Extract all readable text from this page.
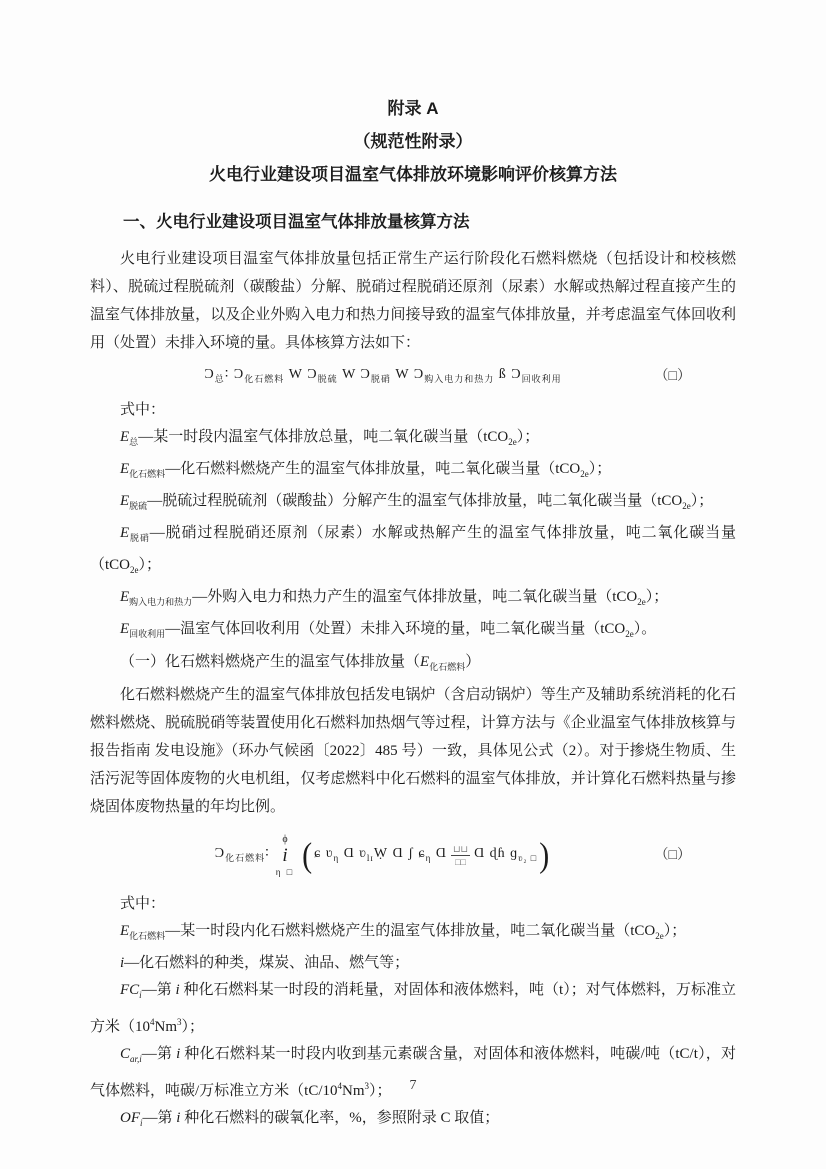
附录 A

（规范性附录）

火电行业建设项目温室气体排放环境影响评价核算方法

一、火电行业建设项目温室气体排放量核算方法

火电行业建设项目温室气体排放量包括正常生产运行阶段化石燃料燃烧（包括设计和校核燃料）、脱硫过程脱硫剂（碳酸盐）分解、脱硝过程脱硝还原剂（尿素）水解或热解过程直接产生的温室气体排放量，以及企业外购入电力和热力间接导致的温室气体排放量，并考虑温室气体回收利用（处置）未排入环境的量。具体核算方法如下：

$Ɔ_总∶$ $Ɔ_{化石燃料}$ W $Ɔ_{脱硫}$ W $Ɔ_{脱硝}$ W $Ɔ_{购入电力和热力}$ ß $Ɔ_{回收利用}$	（□）

式中：

$E_总—$某一时段内温室气体排放总量，吨二氧化碳当量（tCO$_{2e}$）；

$E_{化石燃料}—$化石燃料燃烧产生的温室气体排放量，吨二氧化碳当量（tCO$_{2e}$）；

$E_{脱硫}—$脱硫过程脱硫剂（碳酸盐）分解产生的温室气体排放量，吨二氧化碳当量（tCO$_{2e}$）；

$E_{脱硝}—$脱硝过程脱硝还原剂（尿素）水解或热解产生的温室气体排放量，吨二氧化碳当量（tCO$_{2e}$）；

$E_{购入电力和热力}—$外购入电力和热力产生的温室气体排放量，吨二氧化碳当量（tCO$_{2e}$）；

$E_{回收利用}—$温室气体回收利用（处置）未排入环境的量，吨二氧化碳当量（tCO$_{2e}$）。

（一）化石燃料燃烧产生的温室气体排放量$(E_{化石燃料})$

化石燃料燃烧产生的温室气体排放包括发电锅炉（含启动锅炉）等生产及辅助系统消耗的化石燃料燃烧、脱硫脱硝等装置使用化石燃料加热烟气等过程，计算方法与《企业温室气体排放核算与报告指南 发电设施》（环办气候函〔2022〕485 号）一致，具体见公式（2）。对于掺烧生物质、生活污泥等固体废物的火电机组，仅考虑燃料中化石燃料的温室气体排放，并计算化石燃料热量与掺烧固体废物热量的年均比例。

$Ɔ_{化石燃料}∶$
ϕ
i
η □ ( ɕ ʋ$_\eta$ Ɑ ʋ$_{lɪ}$Ẉ Ɑ ʃ ɕ$_\eta$ Ɑ $\frac{⊔⊔}{□□}$ Ɑ ɖɦ ɡ$_{ʋ_2 □}$ )	（□）

式中：

$E_{化石燃料}—$某一时段内化石燃料燃烧产生的温室气体排放量，吨二氧化碳当量（tCO$_{2e}$）；

i—化石燃料的种类，煤炭、油品、燃气等；

$FC_i—$第 i 种化石燃料某一时段的消耗量，对固体和液体燃料，吨（t）；对气体燃料，万标准立方米$(10^4Nm^3)$；

$C_{ar,i}—$第 i 种化石燃料某一时段内收到基元素碳含量，对固体和液体燃料，吨碳/吨（tC/t），对气体燃料，吨碳/万标准立方米$(tC/10^4Nm^3)$；

$OF_i—$第 i 种化石燃料的碳氧化率，%，参照附录 C 取值；

7
